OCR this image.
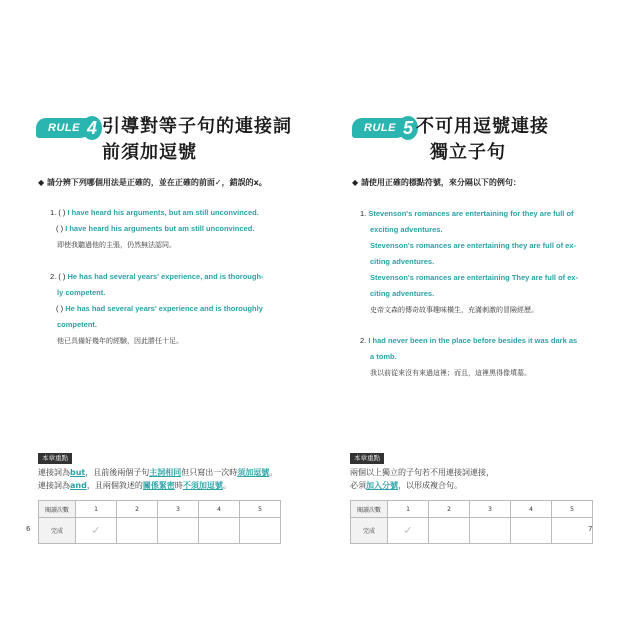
RULE 4 引導對等子句的連接詞
前須加逗號
◆ 請分辨下列哪個用法是正確的，並在正確的前面✓，錯誤的x。
1. ( ) I have heard his arguments, but am still unconvinced.
( ) I have heard his arguments but am still unconvinced.
即使我聽過他的主張，仍然無法認同。
2. ( ) He has had several years' experience, and is thorough-
ly competent.
( ) He has had several years' experience and is thoroughly
competent.
他已具備好幾年的經驗，因此勝任十足。
本章重點
連接詞為but，且前後兩個子句主詞相同但只寫出一次時須加逗號。
連接詞為and，且兩個敘述的關係緊密時不須加逗號。
閱讀次數	1	2	3	4	5
完成	✓				
6
RULE 5 不可用逗號連接
獨立子句
◆ 請使用正確的標點符號，來分隔以下的例句：
1. Stevenson's romances are entertaining for they are full of
exciting adventures.
Stevenson's romances are entertaining they are full of ex-
citing adventures.
Stevenson's romances are entertaining They are full of ex-
citing adventures.
史帝文森的傳奇故事趣味橫生，充滿刺激的冒險經歷。
2. I had never been in the place before besides it was dark as
a tomb.
我以前從來沒有來過這裡；而且，這裡黑得像墳墓。
本章重點
兩個以上獨立的子句若不用連接詞連接，
必須加入分號，以形成複合句。
閱讀次數	1	2	3	4	5
完成	✓					7
